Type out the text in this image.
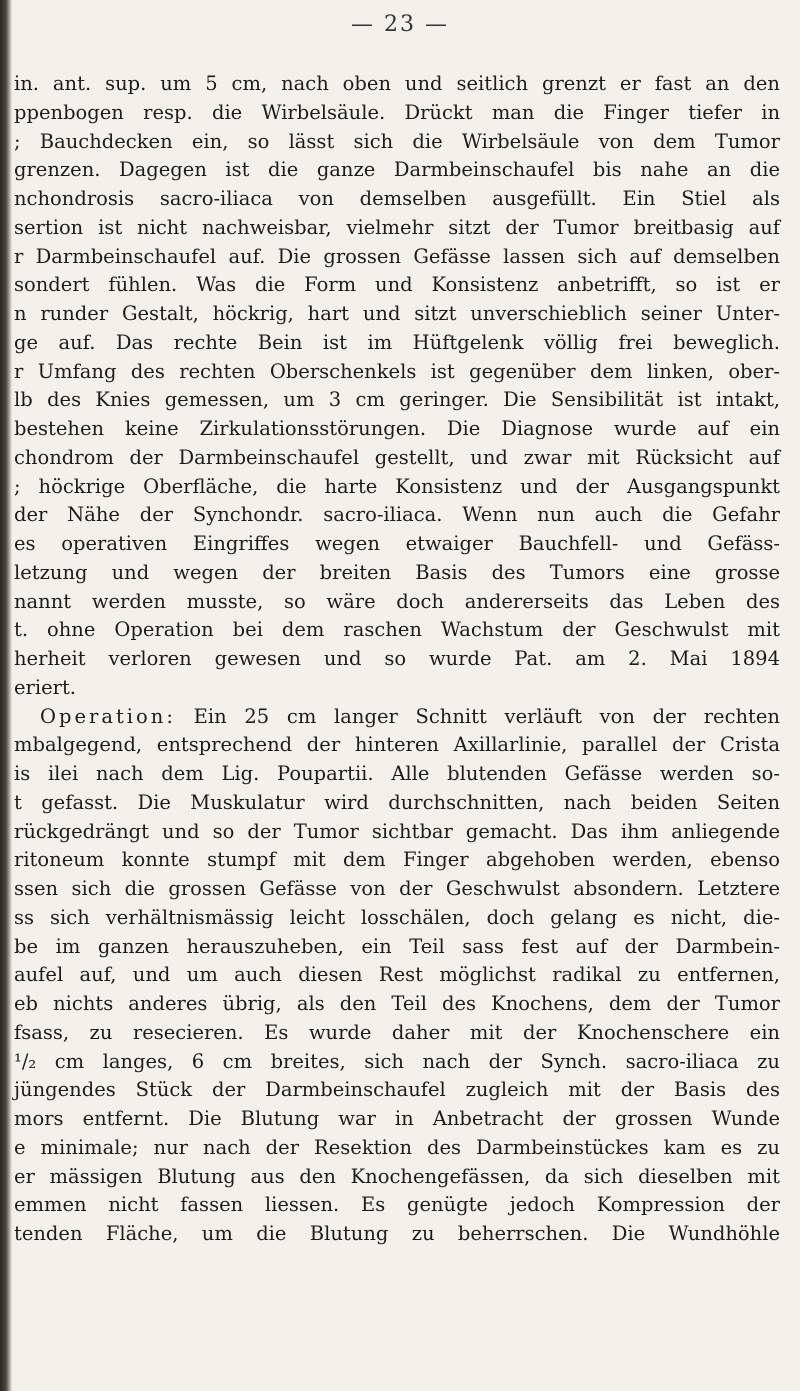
— 23 —
in. ant. sup. um 5 cm, nach oben und seitlich grenzt er fast an den
ppenbogen resp. die Wirbelsäule. Drückt man die Finger tiefer in
; Bauchdecken ein, so lässt sich die Wirbelsäule von dem Tumor
grenzen. Dagegen ist die ganze Darmbeinschaufel bis nahe an die
nchondrosis sacro-iliaca von demselben ausgefüllt. Ein Stiel als
sertion ist nicht nachweisbar, vielmehr sitzt der Tumor breitbasig auf
r Darmbeinschaufel auf. Die grossen Gefässe lassen sich auf demselben
sondert fühlen. Was die Form und Konsistenz anbetrifft, so ist er
n runder Gestalt, höckrig, hart und sitzt unverschieblich seiner Unter-
ge auf. Das rechte Bein ist im Hüftgelenk völlig frei beweglich.
r Umfang des rechten Oberschenkels ist gegenüber dem linken, ober-
lb des Knies gemessen, um 3 cm geringer. Die Sensibilität ist intakt,
bestehen keine Zirkulationsstörungen. Die Diagnose wurde auf ein
chondrom der Darmbeinschaufel gestellt, und zwar mit Rücksicht auf
; höckrige Oberfläche, die harte Konsistenz und der Ausgangspunkt
der Nähe der Synchondr. sacro-iliaca. Wenn nun auch die Gefahr
es operativen Eingriffes wegen etwaiger Bauchfell- und Gefäss-
letzung und wegen der breiten Basis des Tumors eine grosse
nannt werden musste, so wäre doch andererseits das Leben des
t. ohne Operation bei dem raschen Wachstum der Geschwulst mit
herheit verloren gewesen und so wurde Pat. am 2. Mai 1894
eriert.
Operation: Ein 25 cm langer Schnitt verläuft von der rechten
mbalgegend, entsprechend der hinteren Axillarlinie, parallel der Crista
is ilei nach dem Lig. Poupartii. Alle blutenden Gefässe werden so-
t gefasst. Die Muskulatur wird durchschnitten, nach beiden Seiten
rückgedrängt und so der Tumor sichtbar gemacht. Das ihm anliegende
ritoneum konnte stumpf mit dem Finger abgehoben werden, ebenso
ssen sich die grossen Gefässe von der Geschwulst absondern. Letztere
ss sich verhältnismässig leicht losschälen, doch gelang es nicht, die-
be im ganzen herauszuheben, ein Teil sass fest auf der Darmbein-
aufel auf, und um auch diesen Rest möglichst radikal zu entfernen,
eb nichts anderes übrig, als den Teil des Knochens, dem der Tumor
fsass, zu resecieren. Es wurde daher mit der Knochenschere ein
¹/₂ cm langes, 6 cm breites, sich nach der Synch. sacro-iliaca zu
jüngendes Stück der Darmbeinschaufel zugleich mit der Basis des
mors entfernt. Die Blutung war in Anbetracht der grossen Wunde
e minimale; nur nach der Resektion des Darmbeinstückes kam es zu
er mässigen Blutung aus den Knochengefässen, da sich dieselben mit
emmen nicht fassen liessen. Es genügte jedoch Kompression der
tenden Fläche, um die Blutung zu beherrschen. Die Wundhöhle
